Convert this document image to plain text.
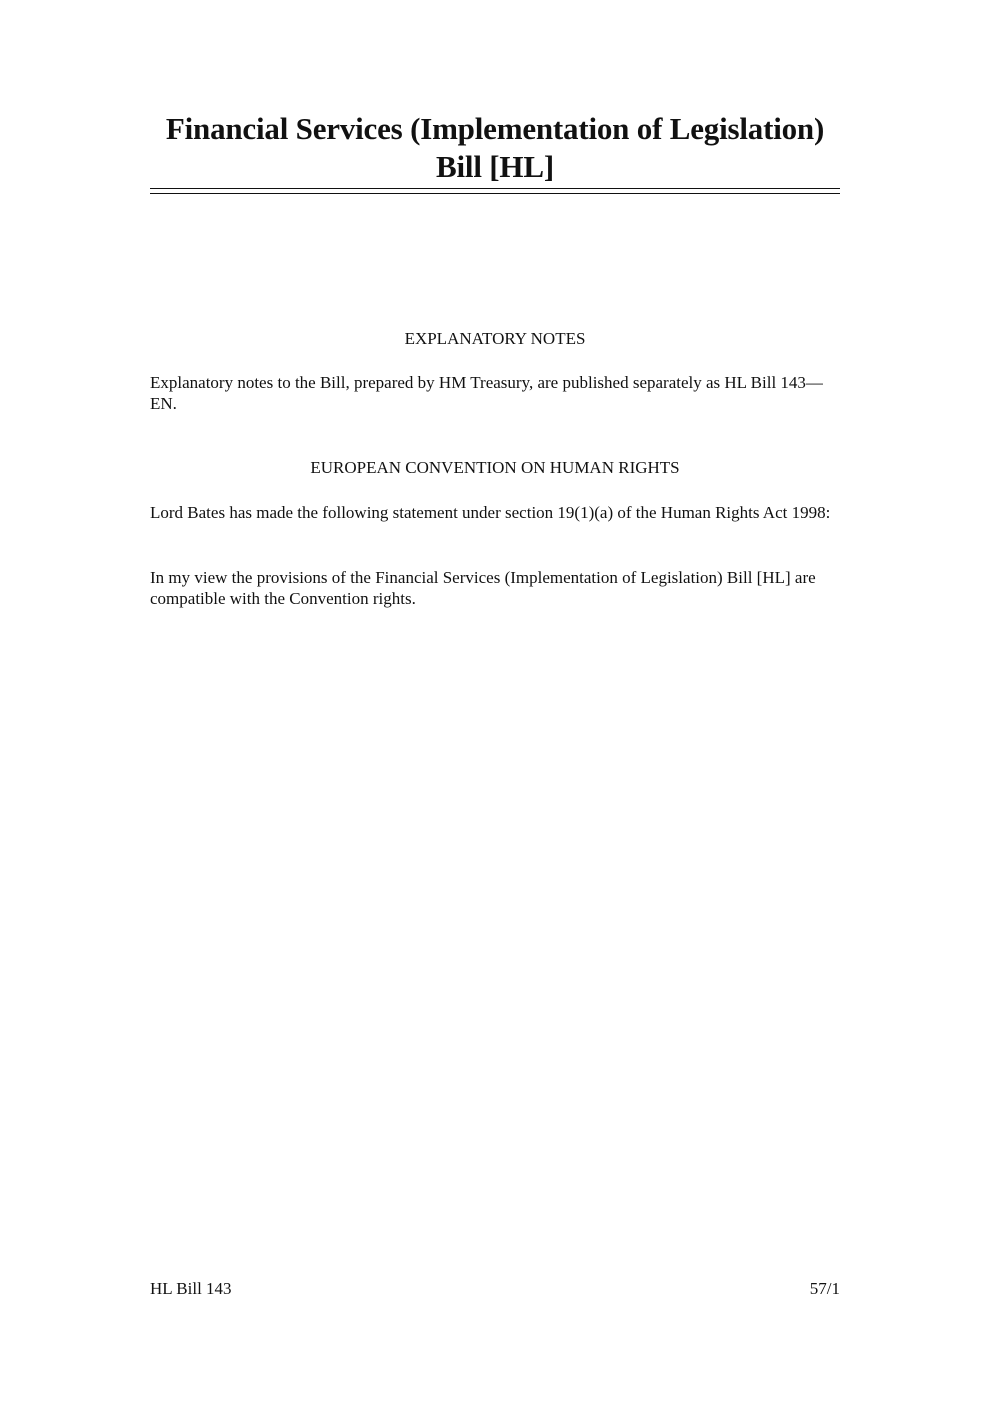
Financial Services (Implementation of Legislation)
Bill [HL]
EXPLANATORY NOTES

Explanatory notes to the Bill, prepared by HM Treasury, are published separately as HL Bill 143—EN.

EUROPEAN CONVENTION ON HUMAN RIGHTS

Lord Bates has made the following statement under section 19(1)(a) of the Human Rights Act 1998:

In my view the provisions of the Financial Services (Implementation of Legislation) Bill [HL] are compatible with the Convention rights.

HL Bill 143	57/1
